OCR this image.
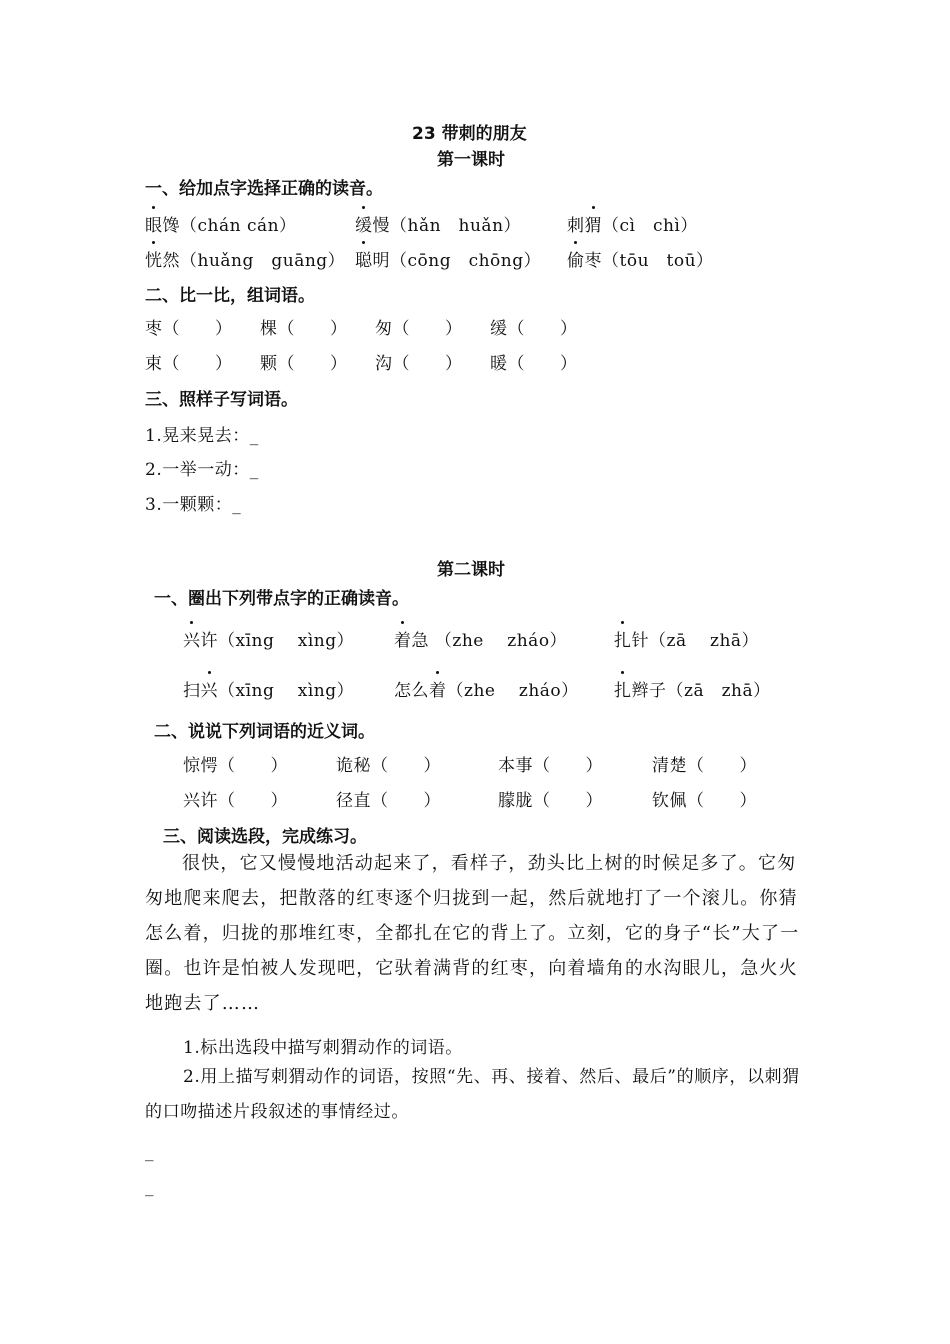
23 带刺的朋友
第一课时
一、给加点字选择正确的读音。
眼馋（chán cán）	缓慢（hǎn　huǎn）	刺猬（cì　chì）
恍然（huǎng　guāng） 聪明（cōng　chōng） 偷枣（tōu　toū）
二、比一比，组词语。
枣（　　） 棵（　　） 匆（　　） 缓（　　）
束（　　） 颗（　　） 沟（　　） 暖（　　）
三、照样子写词语。
1.晃来晃去：_
2.一举一动：_
3.一颗颗：_
第二课时
一、圈出下列带点字的正确读音。
兴许（xīng　 xìng） 着急 （zhe　 zháo）	扎针（zā　 zhā）
扫兴（xīng　 xìng） 怎么着（zhe　 zháo） 扎辫子（zā　zhā）
二、说说下列词语的近义词。
惊愕（　　）	诡秘（　　）	本事（　　）	清楚（　　）
兴许（　　）	径直（　　）	朦胧（　　）	钦佩（　　）
三、阅读选段，完成练习。
很快，它又慢慢地活动起来了，看样子，劲头比上树的时候足多了。它匆匆地爬来爬去，把散落的红枣逐个归拢到一起，然后就地打了一个滚儿。你猜怎么着，归拢的那堆红枣，全都扎在它的背上了。立刻，它的身子“长”大了一圈。也许是怕被人发现吧，它驮着满背的红枣，向着墙角的水沟眼儿，急火火地跑去了……
1.标出选段中描写刺猬动作的词语。
2.用上描写刺猬动作的词语，按照“先、再、接着、然后、最后”的顺序，以刺猬的口吻描述片段叙述的事情经过。
_
_
